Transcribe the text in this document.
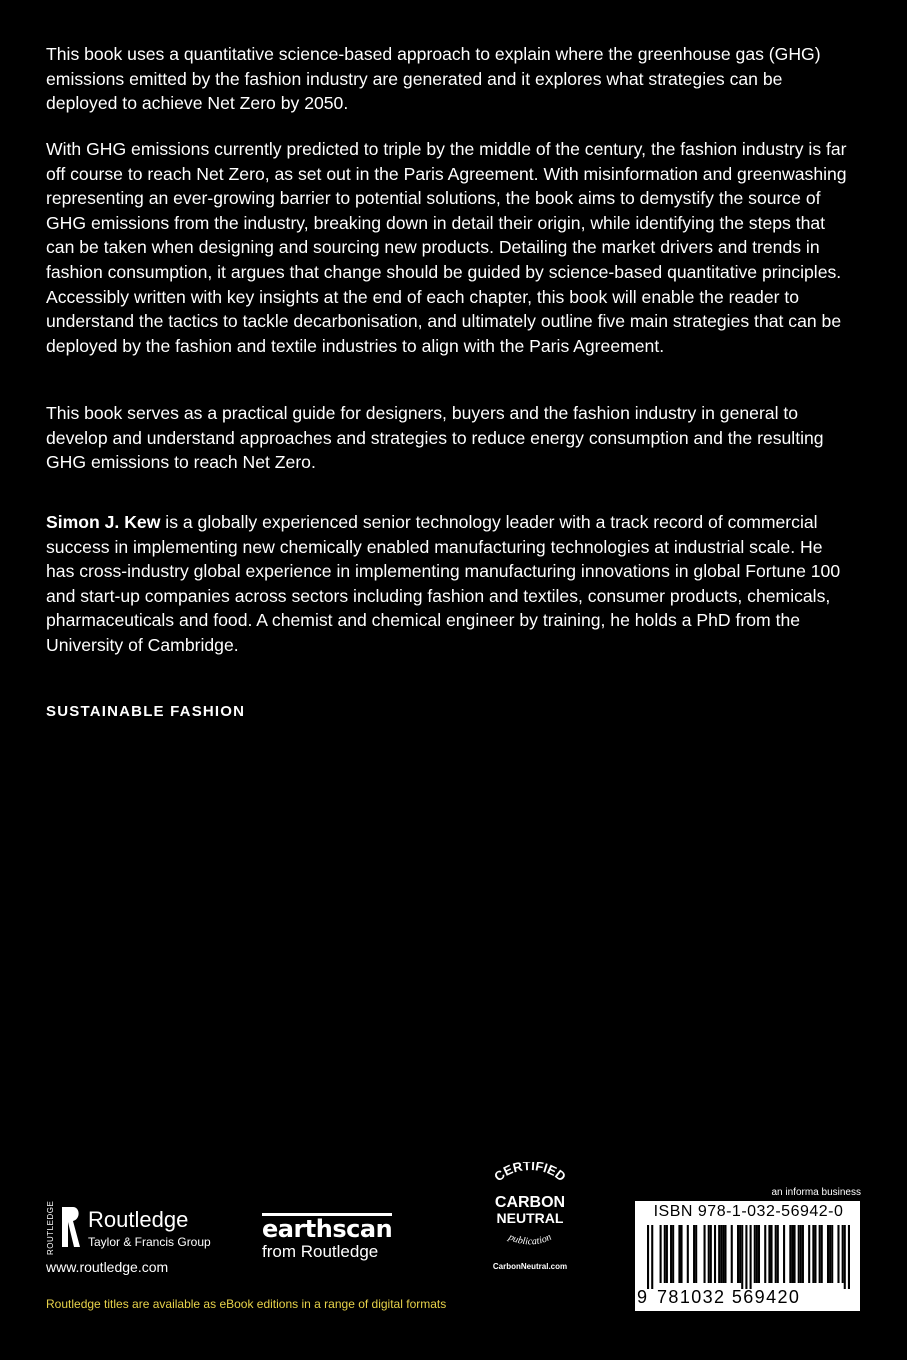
This book uses a quantitative science-based approach to explain where the greenhouse gas (GHG) emissions emitted by the fashion industry are generated and it explores what strategies can be deployed to achieve Net Zero by 2050.

With GHG emissions currently predicted to triple by the middle of the century, the fashion industry is far off course to reach Net Zero, as set out in the Paris Agreement. With misinformation and greenwashing representing an ever-growing barrier to potential solutions, the book aims to demystify the source of GHG emissions from the industry, breaking down in detail their origin, while identifying the steps that can be taken when designing and sourcing new products. Detailing the market drivers and trends in fashion consumption, it argues that change should be guided by science-based quantitative principles. Accessibly written with key insights at the end of each chapter, this book will enable the reader to understand the tactics to tackle decarbonisation, and ultimately outline five main strategies that can be deployed by the fashion and textile industries to align with the Paris Agreement.

This book serves as a practical guide for designers, buyers and the fashion industry in general to develop and understand approaches and strategies to reduce energy consumption and the resulting GHG emissions to reach Net Zero.

Simon J. Kew is a globally experienced senior technology leader with a track record of commercial success in implementing new chemically enabled manufacturing technologies at industrial scale. He has cross-industry global experience in implementing manufacturing innovations in global Fortune 100 and start-up companies across sectors including fashion and textiles, consumer products, chemicals, pharmaceuticals and food. A chemist and chemical engineer by training, he holds a PhD from the University of Cambridge.

SUSTAINABLE FASHION
ROUTLEDGE Routledge
Taylor & Francis Group
www.routledge.com
earthscan
from Routledge
CERTIFIED
CARBON
NEUTRAL
publication
CarbonNeutral.com
an informa business
ISBN 978-1-032-56942-0
9 781032 569420
Routledge titles are available as eBook editions in a range of digital formats
